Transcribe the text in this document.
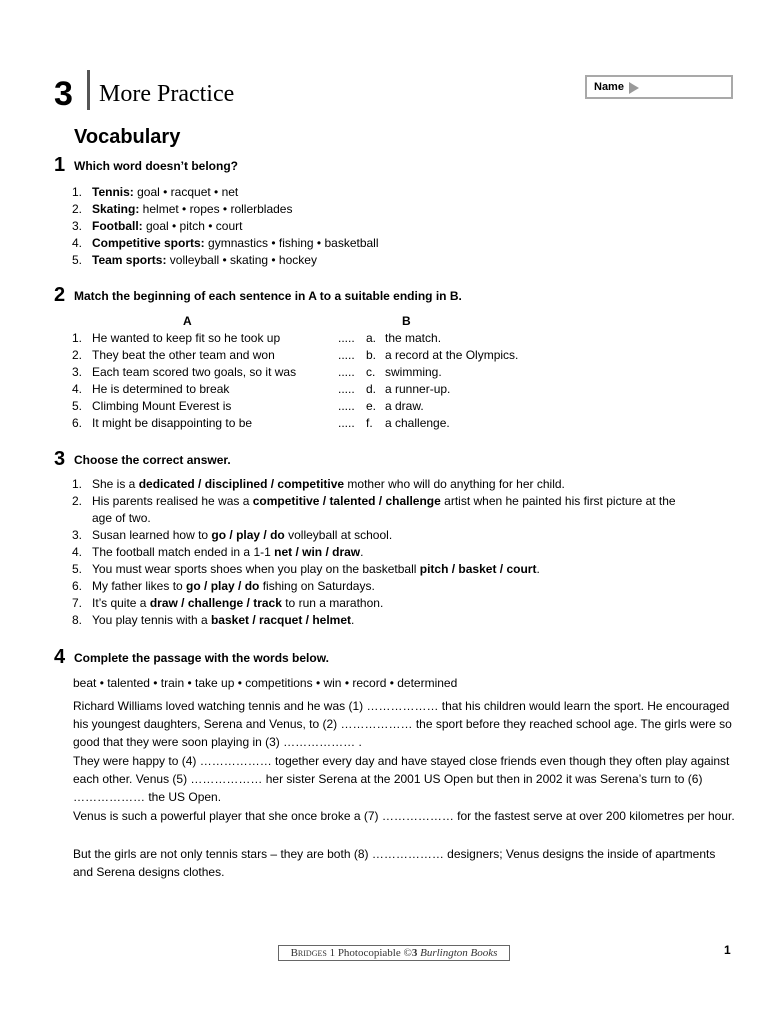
3 More Practice	Name
Vocabulary
1 Which word doesn’t belong?
1. Tennis: goal • racquet • net
2. Skating: helmet • ropes • rollerblades
3. Football: goal • pitch • court
4. Competitive sports: gymnastics • fishing • basketball
5. Team sports: volleyball • skating • hockey
2 Match the beginning of each sentence in A to a suitable ending in B.
A	B
1. He wanted to keep fit so he took up	..... a. the match.
2. They beat the other team and won	..... b. a record at the Olympics.
3. Each team scored two goals, so it was	..... c. swimming.
4. He is determined to break	..... d. a runner-up.
5. Climbing Mount Everest is	..... e. a draw.
6. It might be disappointing to be	..... f. a challenge.
3 Choose the correct answer.
1. She is a dedicated / disciplined / competitive mother who will do anything for her child.
2. His parents realised he was a competitive / talented / challenge artist when he painted his first picture at the
age of two.
3. Susan learned how to go / play / do volleyball at school.
4. The football match ended in a 1-1 net / win / draw.
5. You must wear sports shoes when you play on the basketball pitch / basket / court.
6. My father likes to go / play / do fishing on Saturdays.
7. It’s quite a draw / challenge / track to run a marathon.
8. You play tennis with a basket / racquet / helmet.
4 Complete the passage with the words below.
beat • talented • train • take up • competitions • win • record • determined
Richard Williams loved watching tennis and he was (1) ……………… that his children would learn the sport. He encouraged his youngest daughters, Serena and Venus, to (2) ……………… the sport before they reached school age. The girls were so good that they were soon playing in (3) ……………… .
They were happy to (4) ……………… together every day and have stayed close friends even though they often play against each other. Venus (5) ……………… her sister Serena at the 2001 US Open but then in 2002 it was Serena’s turn to (6) ……………… the US Open.
Venus is such a powerful player that she once broke a (7) ……………… for the fastest serve at over 200 kilometres per hour.
But the girls are not only tennis stars – they are both (8) ……………… designers; Venus designs the inside of apartments and Serena designs clothes.
Bridges 1 Photocopiable ©3 Burlington Books	1
